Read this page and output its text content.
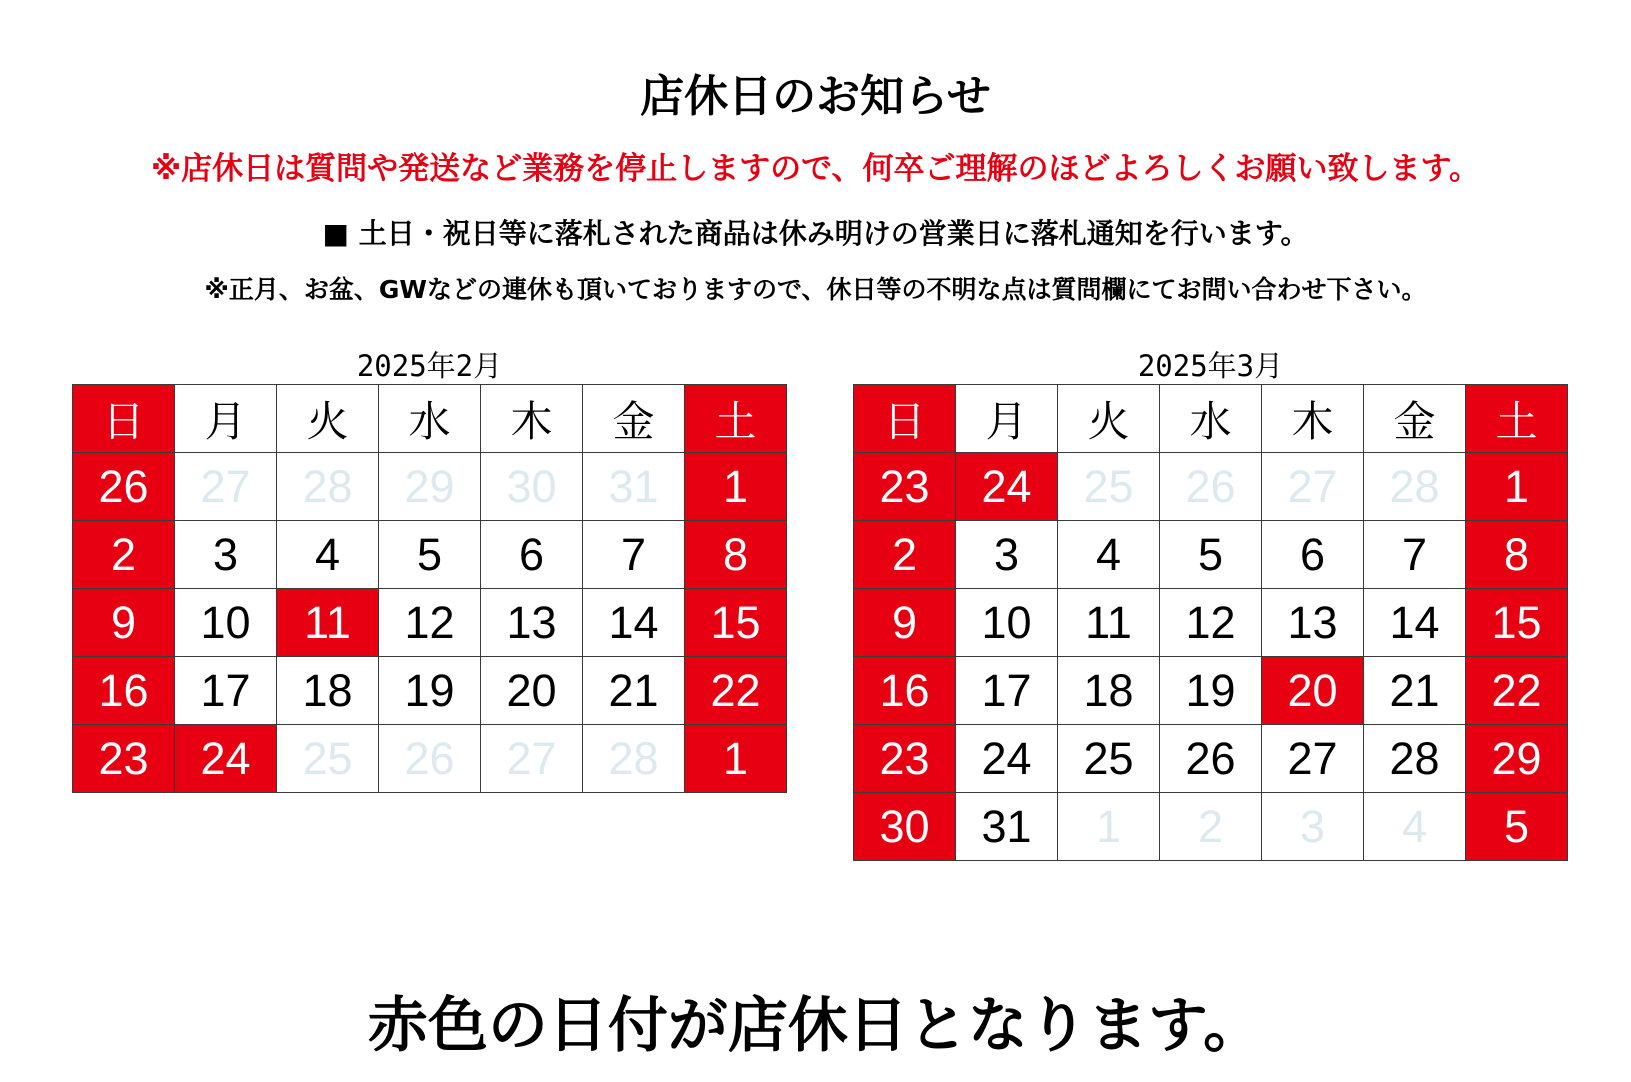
店休日のお知らせ
※店休日は質問や発送など業務を停止しますので、何卒ご理解のほどよろしくお願い致します。
■ 土日・祝日等に落札された商品は休み明けの営業日に落札通知を行います。
※正月、お盆、GWなどの連休も頂いておりますので、休日等の不明な点は質問欄にてお問い合わせ下さい。
2025年2月
日	月	火	水	木	金	土
26	27	28	29	30	31	1
2	3	4	5	6	7	8
9	10	11	12	13	14	15
16	17	18	19	20	21	22
23	24	25	26	27	28	1
2025年3月
日	月	火	水	木	金	土
23	24	25	26	27	28	1
2	3	4	5	6	7	8
9	10	11	12	13	14	15
16	17	18	19	20	21	22
23	24	25	26	27	28	29
30	31	1	2	3	4	5
赤色の日付が店休日となります。
